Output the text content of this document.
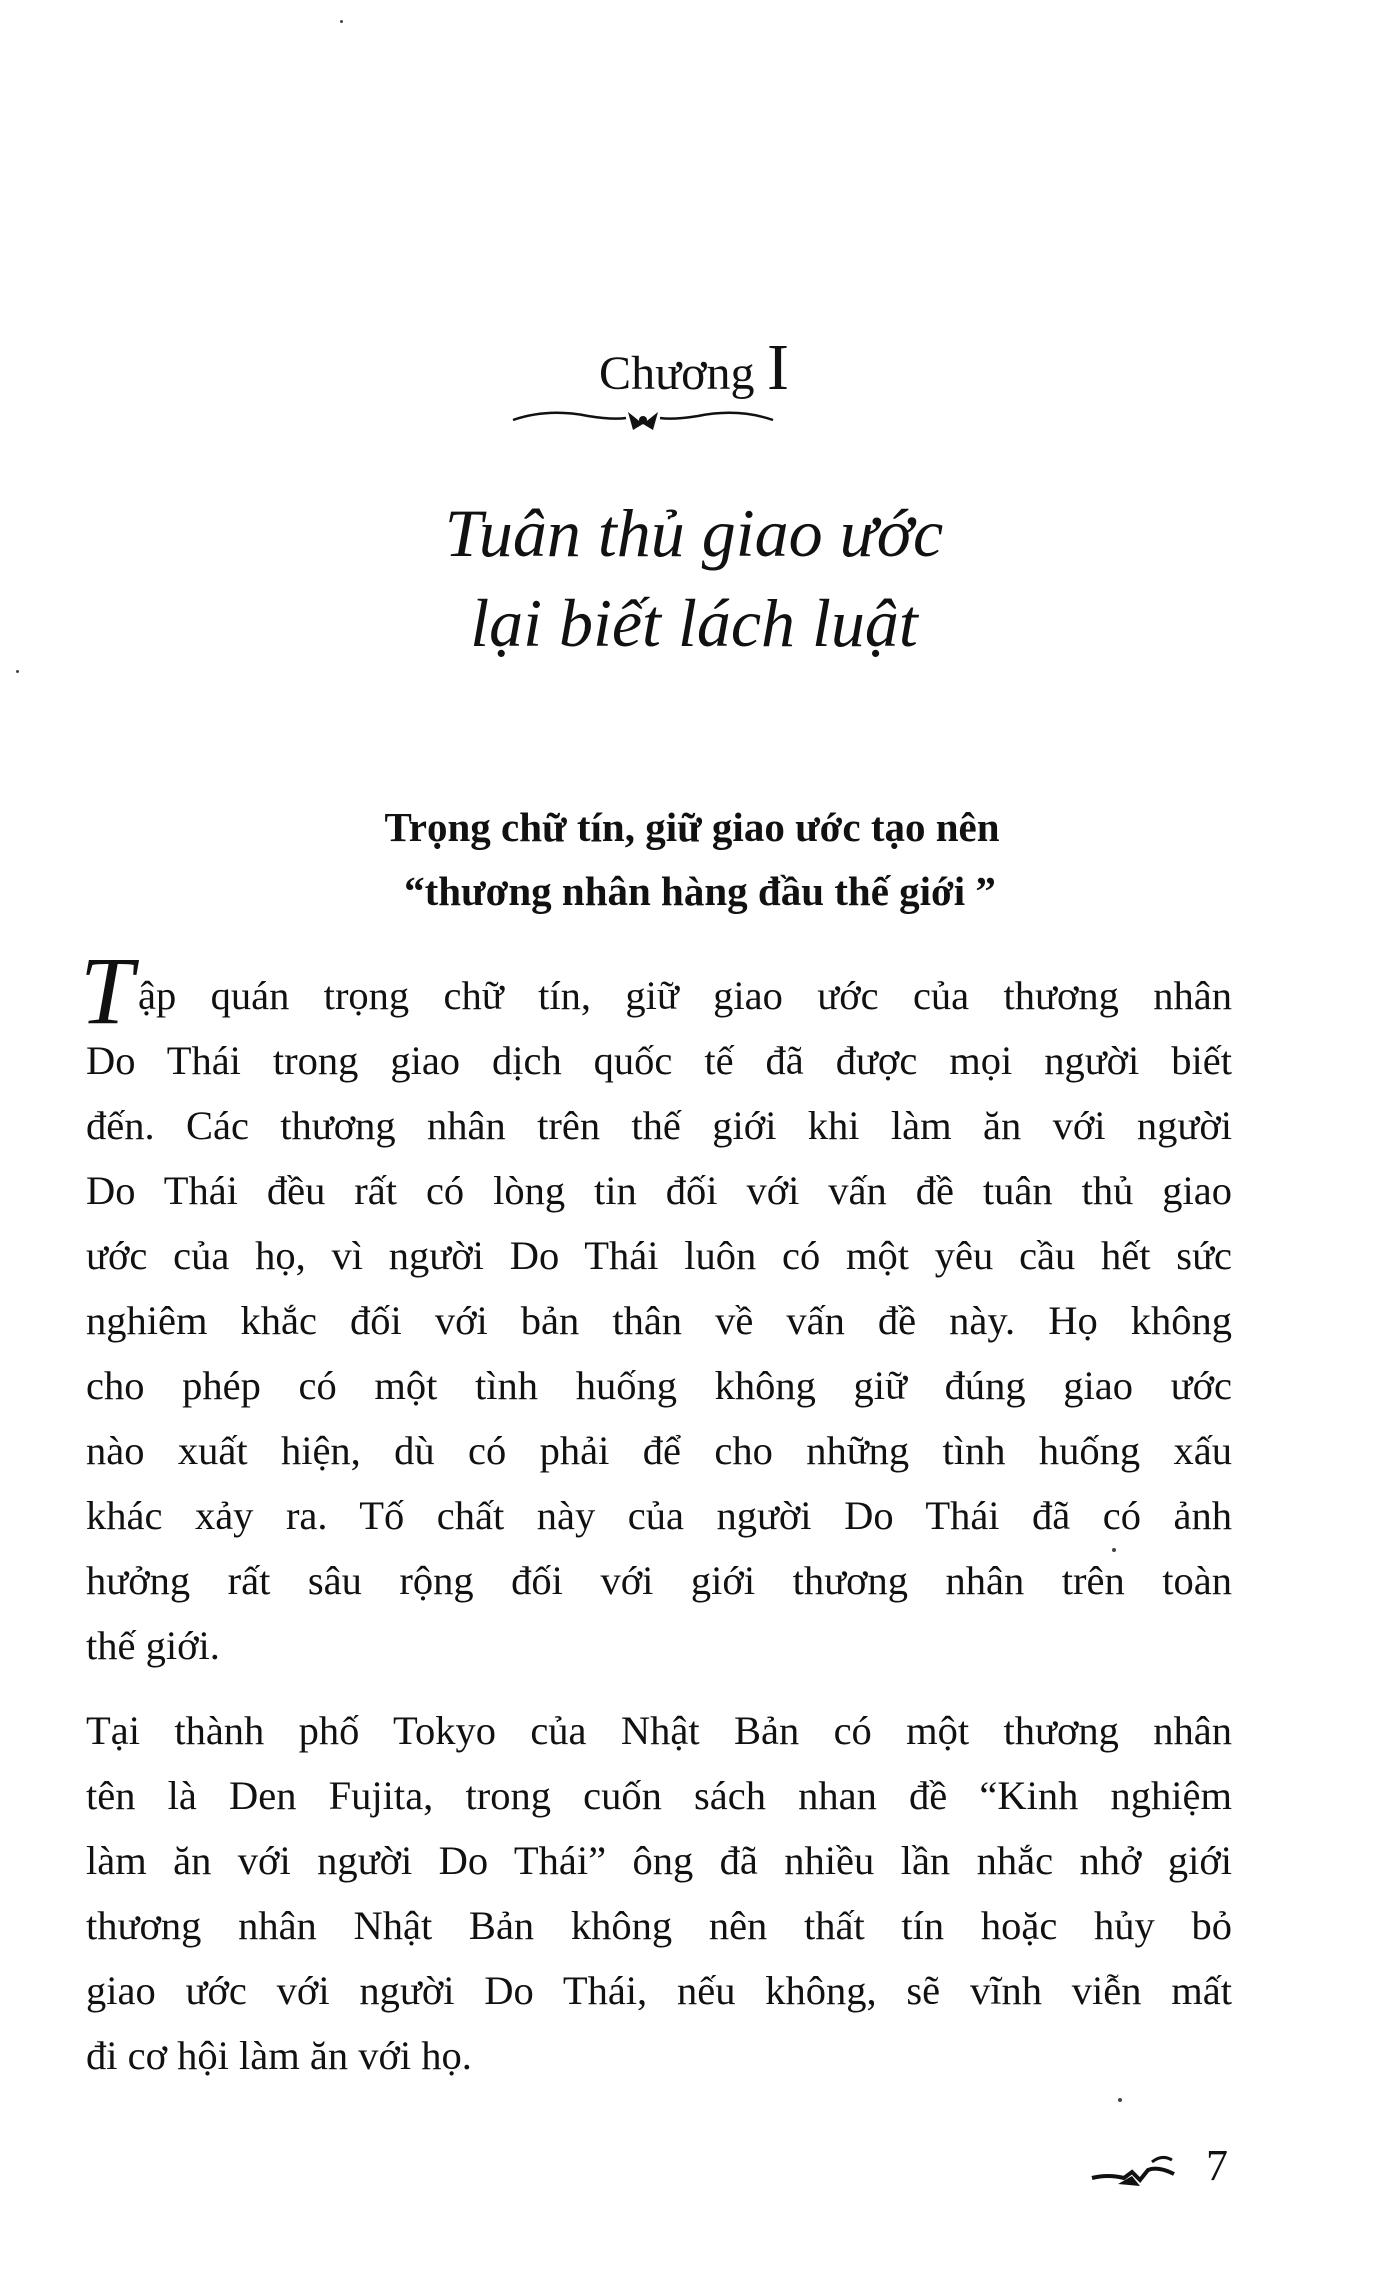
Chương I
Tuân thủ giao ước
lại biết lách luật
Trọng chữ tín, giữ giao ước tạo nên
“thương nhân hàng đầu thế giới ”
T ập quán trọng chữ tín, giữ giao ước của thương nhân
Do Thái trong giao dịch quốc tế đã được mọi người biết
đến. Các thương nhân trên thế giới khi làm ăn với người
Do Thái đều rất có lòng tin đối với vấn đề tuân thủ giao
ước của họ, vì người Do Thái luôn có một yêu cầu hết sức
nghiêm khắc đối với bản thân về vấn đề này. Họ không
cho phép có một tình huống không giữ đúng giao ước
nào xuất hiện, dù có phải để cho những tình huống xấu
khác xảy ra. Tố chất này của người Do Thái đã có ảnh
hưởng rất sâu rộng đối với giới thương nhân trên toàn
thế giới.
Tại thành phố Tokyo của Nhật Bản có một thương nhân
tên là Den Fujita, trong cuốn sách nhan đề “Kinh nghiệm
làm ăn với người Do Thái” ông đã nhiều lần nhắc nhở giới
thương nhân Nhật Bản không nên thất tín hoặc hủy bỏ
giao ước với người Do Thái, nếu không, sẽ vĩnh viễn mất
đi cơ hội làm ăn với họ.
7
